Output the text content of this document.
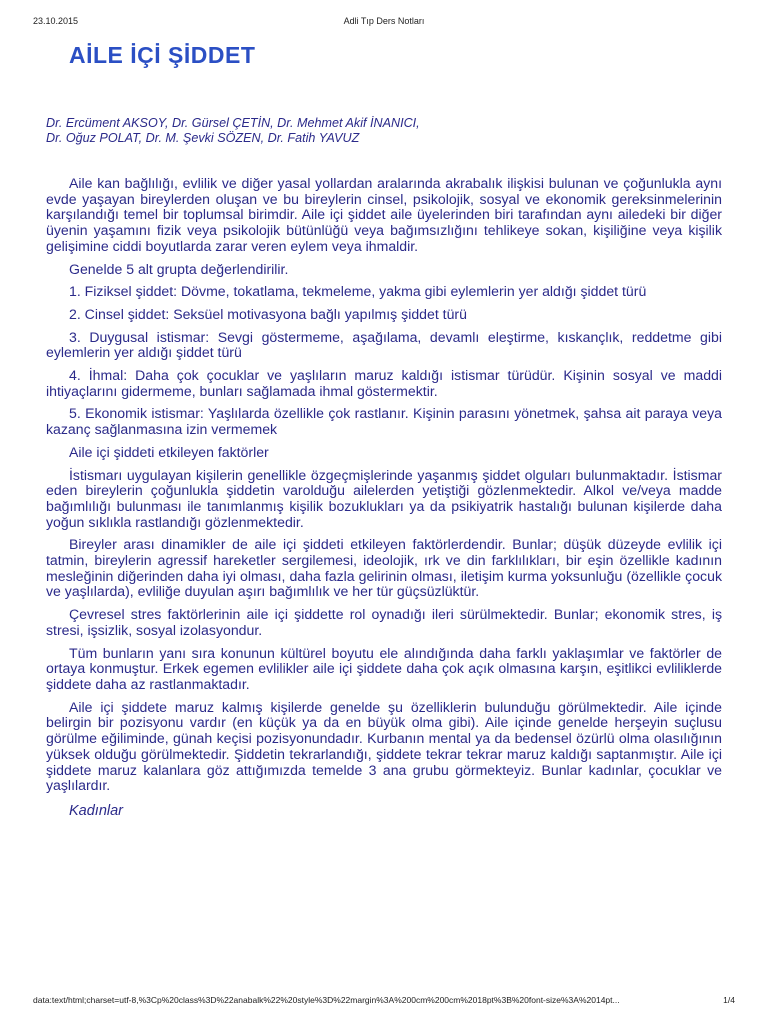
23.10.2015	Adli Tıp Ders Notları
AİLE İÇİ ŞİDDET
Dr. Ercüment AKSOY, Dr. Gürsel ÇETİN, Dr. Mehmet Akif İNANICI,
Dr. Oğuz POLAT, Dr. M. Şevki SÖZEN, Dr. Fatih YAVUZ

Aile kan bağlılığı, evlilik ve diğer yasal yollardan aralarında akrabalık ilişkisi bulunan ve çoğunlukla aynı evde yaşayan bireylerden oluşan ve bu bireylerin cinsel, psikolojik, sosyal ve ekonomik gereksinmelerinin karşılandığı temel bir toplumsal birimdir. Aile içi şiddet aile üyelerinden biri tarafından aynı ailedeki bir diğer üyenin yaşamını fizik veya psikolojik bütünlüğü veya bağımsızlığını tehlikeye sokan, kişiliğine veya kişilik gelişimine ciddi boyutlarda zarar veren eylem veya ihmaldir.

Genelde 5 alt grupta değerlendirilir.

1. Fiziksel şiddet: Dövme, tokatlama, tekmeleme, yakma gibi eylemlerin yer aldığı şiddet türü

2. Cinsel şiddet: Seksüel motivasyona bağlı yapılmış şiddet türü

3. Duygusal istismar: Sevgi göstermeme, aşağılama, devamlı eleştirme, kıskançlık, reddetme gibi eylemlerin yer aldığı şiddet türü

4. İhmal: Daha çok çocuklar ve yaşlıların maruz kaldığı istismar türüdür. Kişinin sosyal ve maddi ihtiyaçlarını gidermeme, bunları sağlamada ihmal göstermektir.

5. Ekonomik istismar: Yaşlılarda özellikle çok rastlanır. Kişinin parasını yönetmek, şahsa ait paraya veya kazanç sağlanmasına izin vermemek

Aile içi şiddeti etkileyen faktörler

İstismarı uygulayan kişilerin genellikle özgeçmişlerinde yaşanmış şiddet olguları bulunmaktadır. İstismar eden bireylerin çoğunlukla şiddetin varolduğu ailelerden yetiştiği gözlenmektedir. Alkol ve/veya madde bağımlılığı bulunması ile tanımlanmış kişilik bozuklukları ya da psikiyatrik hastalığı bulunan kişilerde daha yoğun sıklıkla rastlandığı gözlenmektedir.

Bireyler arası dinamikler de aile içi şiddeti etkileyen faktörlerdendir. Bunlar; düşük düzeyde evlilik içi tatmin, bireylerin agressif hareketler sergilemesi, ideolojik, ırk ve din farklılıkları, bir eşin özellikle kadının mesleğinin diğerinden daha iyi olması, daha fazla gelirinin olması, iletişim kurma yoksunluğu (özellikle çocuk ve yaşlılarda), evliliğe duyulan aşırı bağımlılık ve her tür güçsüzlüktür.

Çevresel stres faktörlerinin aile içi şiddette rol oynadığı ileri sürülmektedir. Bunlar; ekonomik stres, iş stresi, işsizlik, sosyal izolasyondur.

Tüm bunların yanı sıra konunun kültürel boyutu ele alındığında daha farklı yaklaşımlar ve faktörler de ortaya konmuştur. Erkek egemen evlilikler aile içi şiddete daha çok açık olmasına karşın, eşitlikci evliliklerde şiddete daha az rastlanmaktadır.

Aile içi şiddete maruz kalmış kişilerde genelde şu özelliklerin bulunduğu görülmektedir. Aile içinde belirgin bir pozisyonu vardır (en küçük ya da en büyük olma gibi). Aile içinde genelde herşeyin suçlusu görülme eğiliminde, günah keçisi pozisyonundadır. Kurbanın mental ya da bedensel özürlü olma olasılığının yüksek olduğu görülmektedir. Şiddetin tekrarlandığı, şiddete tekrar tekrar maruz kaldığı saptanmıştır. Aile içi şiddete maruz kalanlara göz attığımızda temelde 3 ana grubu görmekteyiz. Bunlar kadınlar, çocuklar ve yaşlılardır.

Kadınlar

data:text/html;charset=utf-8,%3Cp%20class%3D%22anabalk%22%20style%3D%22margin%3A%200cm%200cm%2018pt%3B%20font-size%3A%2014pt...	1/4
